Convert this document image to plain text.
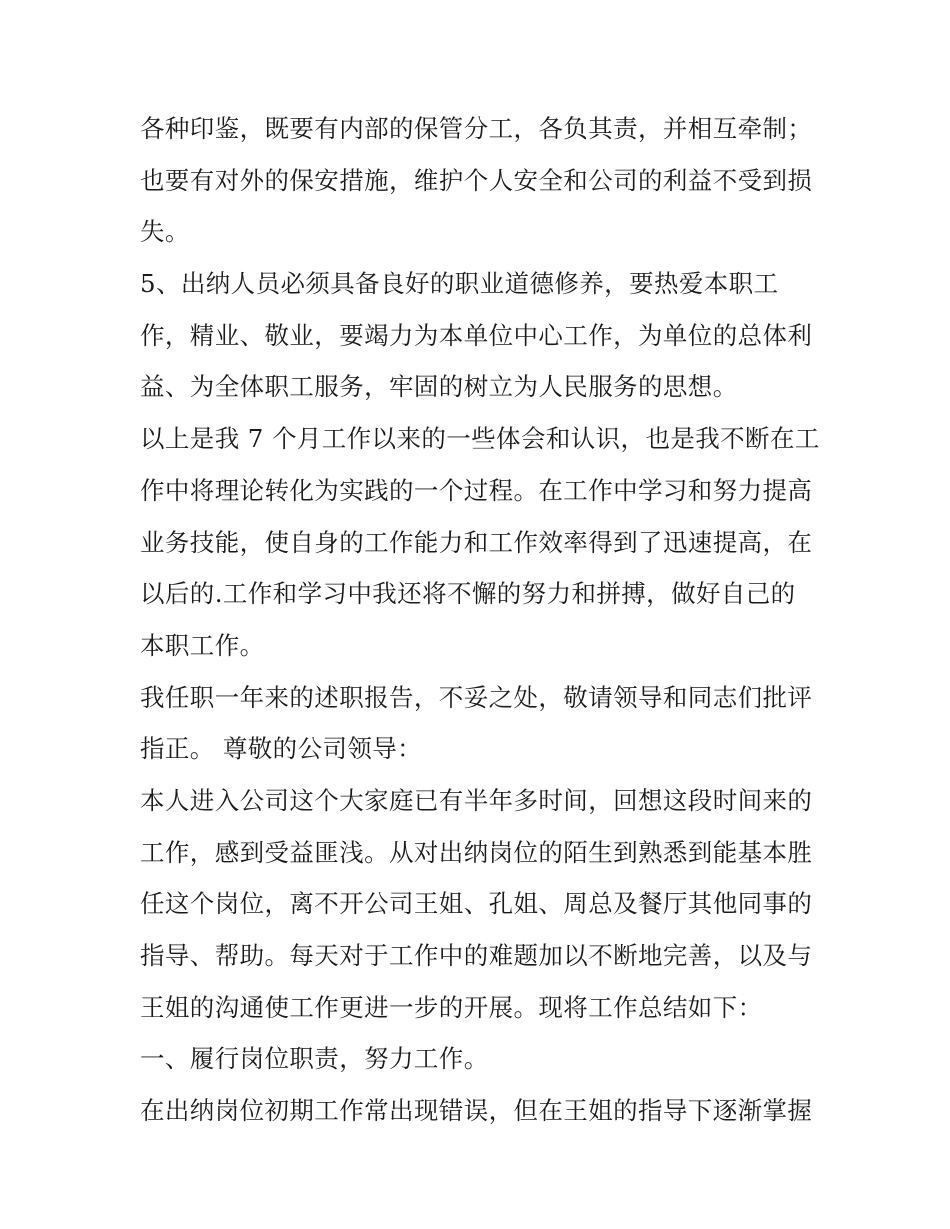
各种印鉴，既要有内部的保管分工，各负其责，并相互牵制；
也要有对外的保安措施，维护个人安全和公司的利益不受到损
失。
5、出纳人员必须具备良好的职业道德修养，要热爱本职工
作，精业、敬业，要竭力为本单位中心工作，为单位的总体利
益、为全体职工服务，牢固的树立为人民服务的思想。
以上是我 7 个月工作以来的一些体会和认识，也是我不断在工
作中将理论转化为实践的一个过程。在工作中学习和努力提高
业务技能，使自身的工作能力和工作效率得到了迅速提高，在
以后的.工作和学习中我还将不懈的努力和拼搏，做好自己的
本职工作。
我任职一年来的述职报告，不妥之处，敬请领导和同志们批评
指正。 尊敬的公司领导：
本人进入公司这个大家庭已有半年多时间，回想这段时间来的
工作，感到受益匪浅。从对出纳岗位的陌生到熟悉到能基本胜
任这个岗位，离不开公司王姐、孔姐、周总及餐厅其他同事的
指导、帮助。每天对于工作中的难题加以不断地完善，以及与
王姐的沟通使工作更进一步的开展。现将工作总结如下：
一、履行岗位职责，努力工作。
在出纳岗位初期工作常出现错误，但在王姐的指导下逐渐掌握
